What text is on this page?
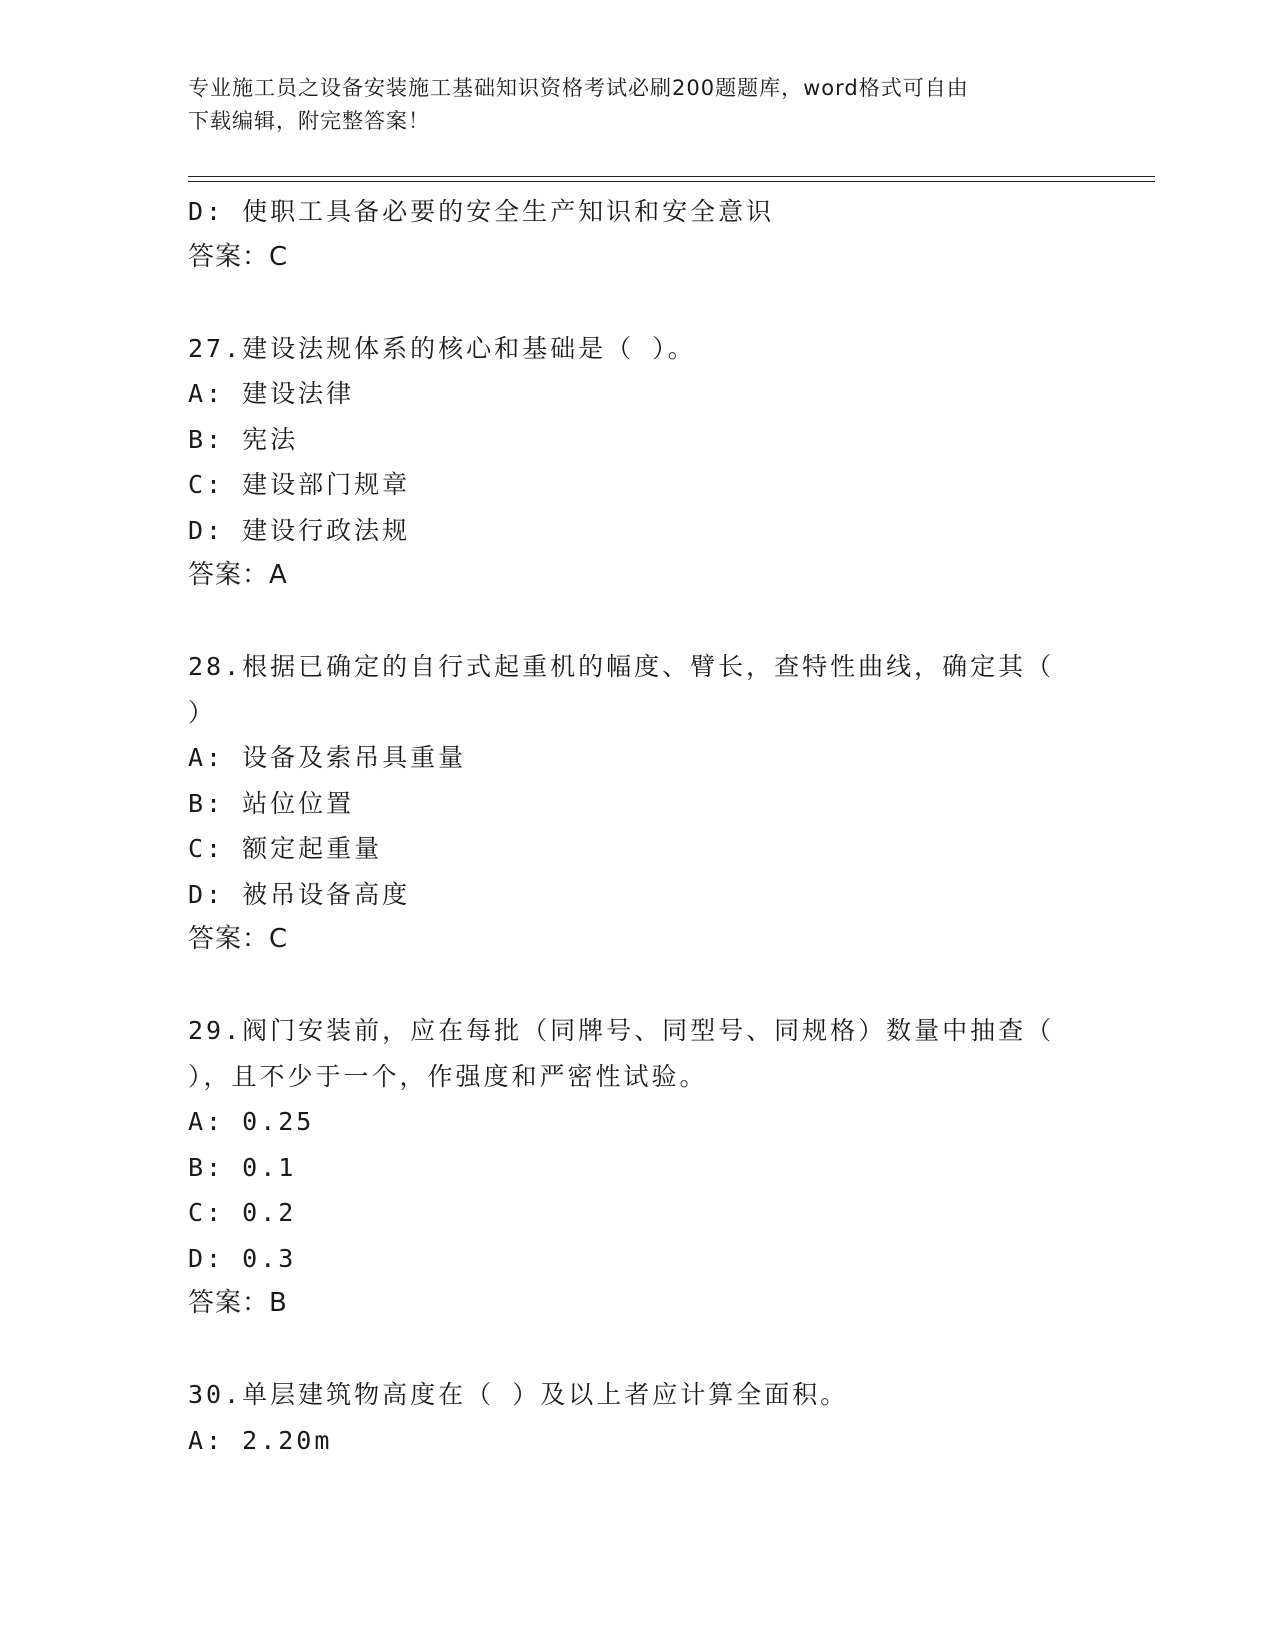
专业施工员之设备安装施工基础知识资格考试必刷200题题库，word格式可自由
下载编辑，附完整答案！
D: 使职工具备必要的安全生产知识和安全意识
答案：C
27.建设法规体系的核心和基础是（ ）。
A: 建设法律
B: 宪法
C: 建设部门规章
D: 建设行政法规
答案：A
28.根据已确定的自行式起重机的幅度、臂长，查特性曲线，确定其（
）
A: 设备及索吊具重量
B: 站位位置
C: 额定起重量
D: 被吊设备高度
答案：C
29.阀门安装前，应在每批（同牌号、同型号、同规格）数量中抽查（
），且不少于一个，作强度和严密性试验。
A: 0.25
B: 0.1
C: 0.2
D: 0.3
答案：B
30.单层建筑物高度在（ ）及以上者应计算全面积。
A: 2.20m
